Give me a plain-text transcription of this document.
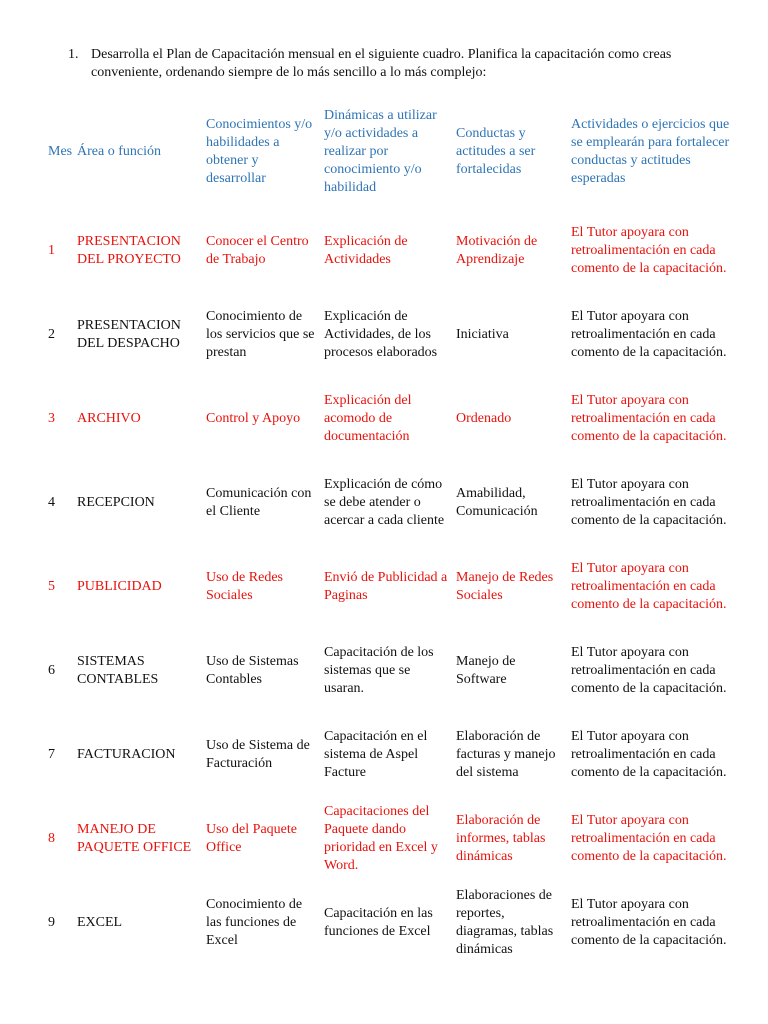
1. Desarrolla el Plan de Capacitación mensual en el siguiente cuadro. Planifica la capacitación como creas conveniente, ordenando siempre de lo más sencillo a lo más complejo:
Mes	Área o función	Conocimientos y/o habilidades a obtener y desarrollar	Dinámicas a utilizar y/o actividades a realizar por conocimiento y/o habilidad	Conductas y actitudes a ser fortalecidas	Actividades o ejercicios que se emplearán para fortalecer conductas y actitudes esperadas
1	PRESENTACION DEL PROYECTO	Conocer el Centro de Trabajo	Explicación de Actividades	Motivación de Aprendizaje	El Tutor apoyara con retroalimentación en cada comento de la capacitación.
2	PRESENTACION DEL DESPACHO	Conocimiento de los servicios que se prestan	Explicación de Actividades, de los procesos elaborados	Iniciativa	El Tutor apoyara con retroalimentación en cada comento de la capacitación.
3	ARCHIVO	Control y Apoyo	Explicación del acomodo de documentación	Ordenado	El Tutor apoyara con retroalimentación en cada comento de la capacitación.
4	RECEPCION	Comunicación con el Cliente	Explicación de cómo se debe atender o acercar a cada cliente	Amabilidad, Comunicación	El Tutor apoyara con retroalimentación en cada comento de la capacitación.
5	PUBLICIDAD	Uso de Redes Sociales	Envió de Publicidad a Paginas	Manejo de Redes Sociales	El Tutor apoyara con retroalimentación en cada comento de la capacitación.
6	SISTEMAS CONTABLES	Uso de Sistemas Contables	Capacitación de los sistemas que se usaran.	Manejo de Software	El Tutor apoyara con retroalimentación en cada comento de la capacitación.
7	FACTURACION	Uso de Sistema de Facturación	Capacitación en el sistema de Aspel Facture	Elaboración de facturas y manejo del sistema	El Tutor apoyara con retroalimentación en cada comento de la capacitación.
8	MANEJO DE PAQUETE OFFICE	Uso del Paquete Office	Capacitaciones del Paquete dando prioridad en Excel y Word.	Elaboración de informes, tablas dinámicas	El Tutor apoyara con retroalimentación en cada comento de la capacitación.
9	EXCEL	Conocimiento de las funciones de Excel	Capacitación en las funciones de Excel	Elaboraciones de reportes, diagramas, tablas dinámicas	El Tutor apoyara con retroalimentación en cada comento de la capacitación.
